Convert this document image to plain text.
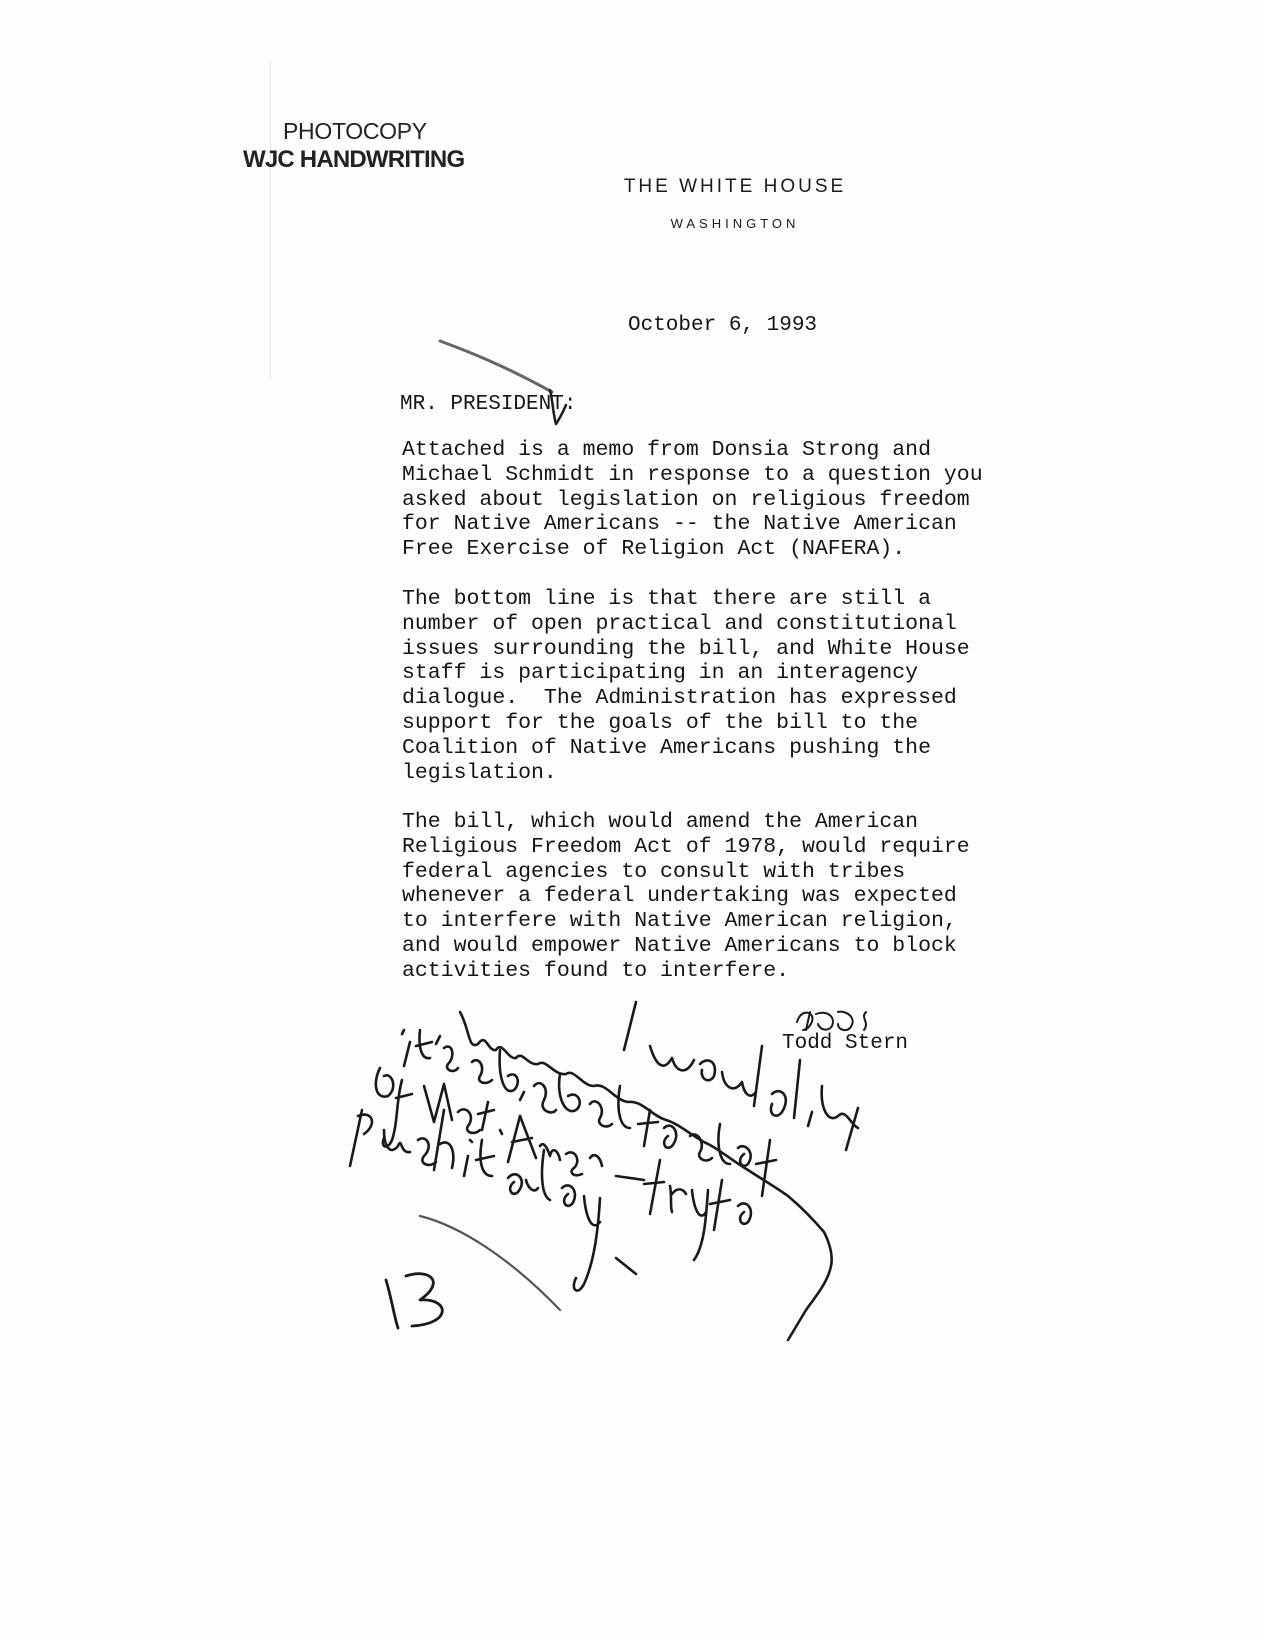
PHOTOCOPY
WJC HANDWRITING
THE WHITE HOUSE
WASHINGTON
October 6, 1993
MR. PRESIDENT:

Attached is a memo from Donsia Strong and
Michael Schmidt in response to a question you
asked about legislation on religious freedom
for Native Americans -- the Native American
Free Exercise of Religion Act (NAFERA).

The bottom line is that there are still a
number of open practical and constitutional
issues surrounding the bill, and White House
staff is participating in an interagency
dialogue.  The Administration has expressed
support for the goals of the bill to the
Coalition of Native Americans pushing the
legislation.

The bill, which would amend the American
Religious Freedom Act of 1978, would require
federal agencies to consult with tribes
whenever a federal undertaking was expected
to interfere with Native American religion,
and would empower Native Americans to block
activities found to interfere.

Todd Stern
